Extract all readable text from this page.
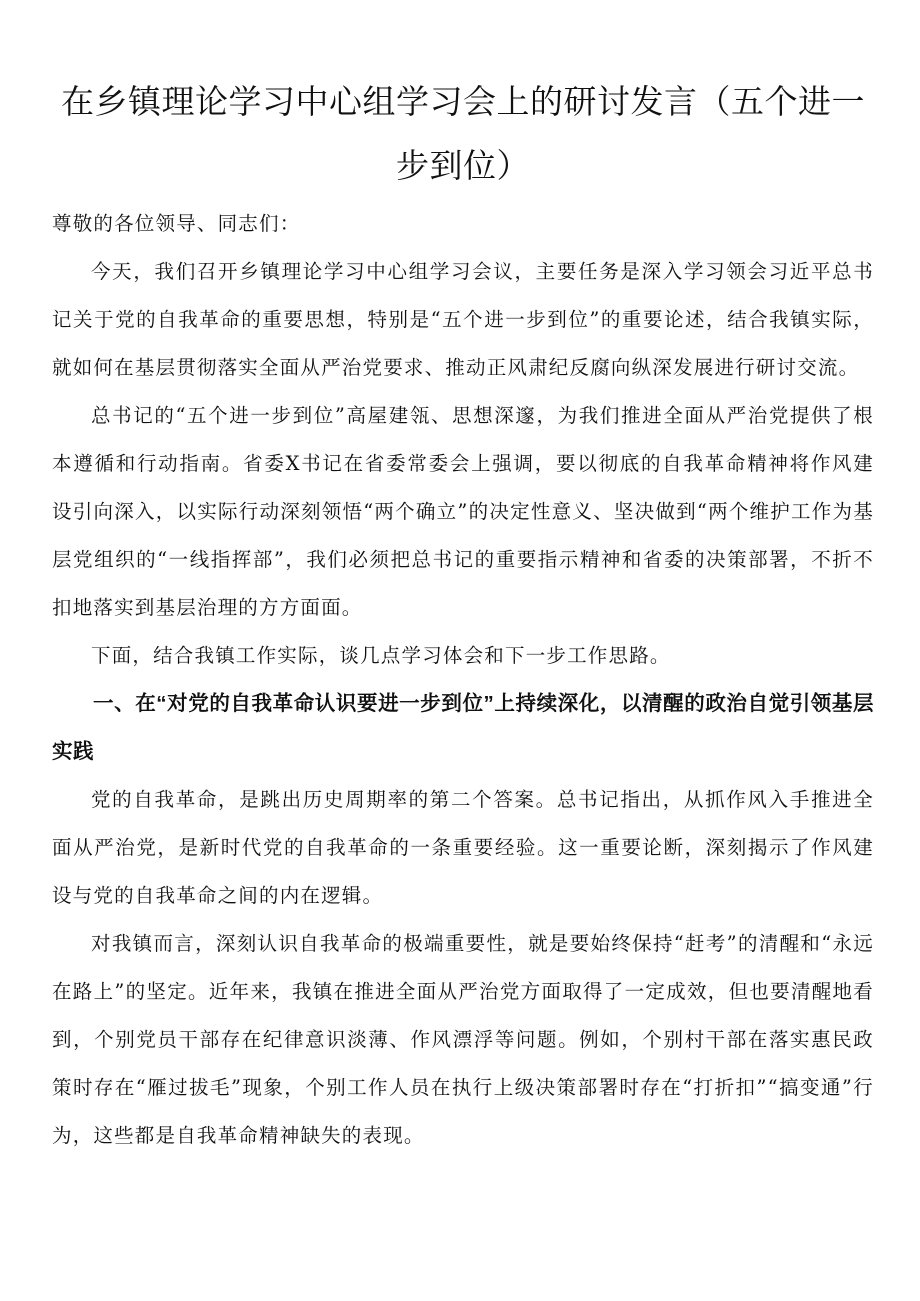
在乡镇理论学习中心组学习会上的研讨发言（五个进一步到位）

尊敬的各位领导、同志们：

今天，我们召开乡镇理论学习中心组学习会议，主要任务是深入学习领会习近平总书记关于党的自我革命的重要思想，特别是“五个进一步到位”的重要论述，结合我镇实际，就如何在基层贯彻落实全面从严治党要求、推动正风肃纪反腐向纵深发展进行研讨交流。

总书记的“五个进一步到位”高屋建瓴、思想深邃，为我们推进全面从严治党提供了根本遵循和行动指南。省委X书记在省委常委会上强调，要以彻底的自我革命精神将作风建设引向深入，以实际行动深刻领悟“两个确立”的决定性意义、坚决做到“两个维护工作为基层党组织的“一线指挥部”，我们必须把总书记的重要指示精神和省委的决策部署，不折不扣地落实到基层治理的方方面面。

下面，结合我镇工作实际，谈几点学习体会和下一步工作思路。

一、在“对党的自我革命认识要进一步到位”上持续深化，以清醒的政治自觉引领基层实践

党的自我革命，是跳出历史周期率的第二个答案。总书记指出，从抓作风入手推进全面从严治党，是新时代党的自我革命的一条重要经验。这一重要论断，深刻揭示了作风建设与党的自我革命之间的内在逻辑。

对我镇而言，深刻认识自我革命的极端重要性，就是要始终保持“赶考”的清醒和“永远在路上”的坚定。近年来，我镇在推进全面从严治党方面取得了一定成效，但也要清醒地看到，个别党员干部存在纪律意识淡薄、作风漂浮等问题。例如，个别村干部在落实惠民政策时存在“雁过拔毛”现象，个别工作人员在执行上级决策部署时存在“打折扣”“搞变通”行为，这些都是自我革命精神缺失的表现。
